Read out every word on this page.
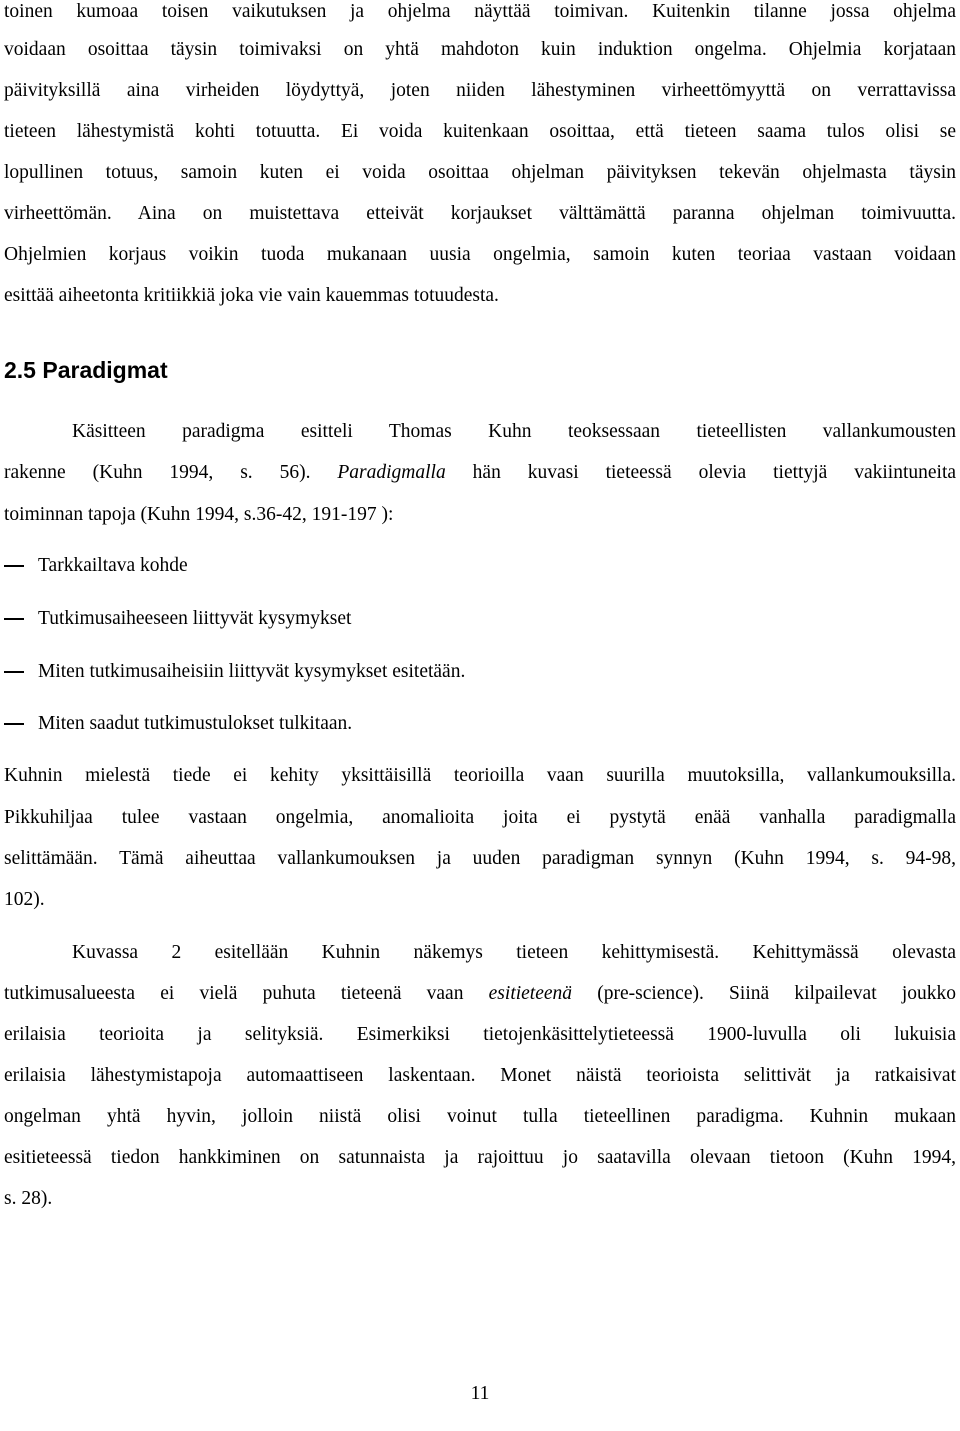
toinen kumoaa toisen vaikutuksen ja ohjelma näyttää toimivan. Kuitenkin tilanne jossa ohjelma
voidaan osoittaa täysin toimivaksi on yhtä mahdoton kuin induktion ongelma. Ohjelmia korjataan
päivityksillä aina virheiden löydyttyä, joten niiden lähestyminen virheettömyyttä on verrattavissa
tieteen lähestymistä kohti totuutta. Ei voida kuitenkaan osoittaa, että tieteen saama tulos olisi se
lopullinen totuus, samoin kuten ei voida osoittaa ohjelman päivityksen tekevän ohjelmasta täysin
virheettömän. Aina on muistettava etteivät korjaukset välttämättä paranna ohjelman toimivuutta.
Ohjelmien korjaus voikin tuoda mukanaan uusia ongelmia, samoin kuten teoriaa vastaan voidaan
esittää aiheetonta kritiikkiä joka vie vain kauemmas totuudesta.
2.5 Paradigmat
Käsitteen paradigma esitteli Thomas Kuhn teoksessaan tieteellisten vallankumousten
rakenne (Kuhn 1994, s. 56). Paradigmalla hän kuvasi tieteessä olevia tiettyjä vakiintuneita
toiminnan tapoja (Kuhn 1994, s.36-42, 191-197 ):
Tarkkailtava kohde
Tutkimusaiheeseen liittyvät kysymykset
Miten tutkimusaiheisiin liittyvät kysymykset esitetään.
Miten saadut tutkimustulokset tulkitaan.
Kuhnin mielestä tiede ei kehity yksittäisillä teorioilla vaan suurilla muutoksilla, vallankumouksilla.
Pikkuhiljaa tulee vastaan ongelmia, anomalioita joita ei pystytä enää vanhalla paradigmalla
selittämään. Tämä aiheuttaa vallankumouksen ja uuden paradigman synnyn (Kuhn 1994, s. 94-98,
102).
Kuvassa 2 esitellään Kuhnin näkemys tieteen kehittymisestä. Kehittymässä olevasta
tutkimusalueesta ei vielä puhuta tieteenä vaan esitieteenä (pre-science). Siinä kilpailevat joukko
erilaisia teorioita ja selityksiä. Esimerkiksi tietojenkäsittelytieteessä 1900-luvulla oli lukuisia
erilaisia lähestymistapoja automaattiseen laskentaan. Monet näistä teorioista selittivät ja ratkaisivat
ongelman yhtä hyvin, jolloin niistä olisi voinut tulla tieteellinen paradigma. Kuhnin mukaan
esitieteessä tiedon hankkiminen on satunnaista ja rajoittuu jo saatavilla olevaan tietoon (Kuhn 1994,
s. 28).
11
